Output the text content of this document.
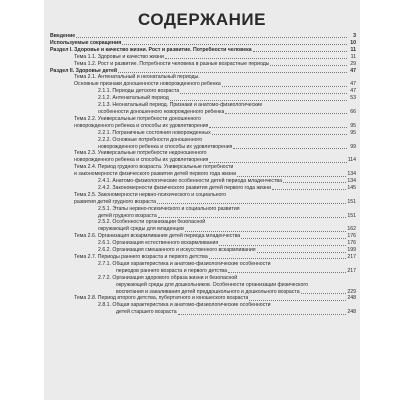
СОДЕРЖАНИЕ
Введение	3
Используемые сокращения	10
Раздел I. Здоровье и качество жизни. Рост и развитие. Потребности человека	11
Тема 1.1. Здоровье и качество жизни	11
Тема 1.2. Рост и развитие. Потребности человека в разные возрастные периоды	29
Раздел II. Здоровье детей	47
Тема 2.1. Антенатальный и неонатальный периоды.
Основные признаки доношенности новорожденного ребенка	47
2.1.1. Периоды детского возраста	47
2.1.2. Антенатальный период	53
2.1.3. Неонатальный период. Признаки и анатомо-физиологические
особенности доношенного новорожденного ребенка	66
Тема 2.2. Универсальные потребности доношенного
новорожденного ребенка и способы их удовлетворения	95
2.2.1. Пограничные состояния новорожденных	95
2.2.2. Основные потребности доношенного
новорожденного ребенка и способы их удовлетворения	99
Тема 2.3. Универсальные потребности недоношенного
новорожденного ребенка и способы их удовлетворения	114
Тема 2.4. Период грудного возраста. Универсальные потребности
и закономерности физического развития детей первого года жизни	134
2.4.1. Анатомо-физиологические особенности детей периода младенчества	134
2.4.2. Закономерности физического развития детей первого года жизни	145
Тема 2.5. Закономерности нервно-психического и социального
развития детей грудного возраста	151
2.5.1. Этапы нервно-психического и социального развития
детей грудного возраста	151
2.5.2. Особенности организации безопасной
окружающей среды для младенцев	162
Тема 2.6. Организация вскармливания детей периода младенчества	176
2.6.1. Организация естественного вскармливания	176
2.6.2. Организация смешанного и искусственного вскармливания	199
Тема 2.7. Периоды раннего возраста и первого детства	217
2.7.1. Общая характеристика и анатомо-физиологические особенности
периодов раннего возраста и первого детства	217
2.7.2. Организация здорового образа жизни и безопасной
окружающей среды для дошкольников. Особенности организации физического
воспитания и закаливания детей преддошкольного и дошкольного возраста	229
Тема 2.8. Период второго детства, пубертатного и юношеского возраста	248
2.8.1. Общая характеристика и анатомо-физиологические особенности
детей старшего возраста	248
